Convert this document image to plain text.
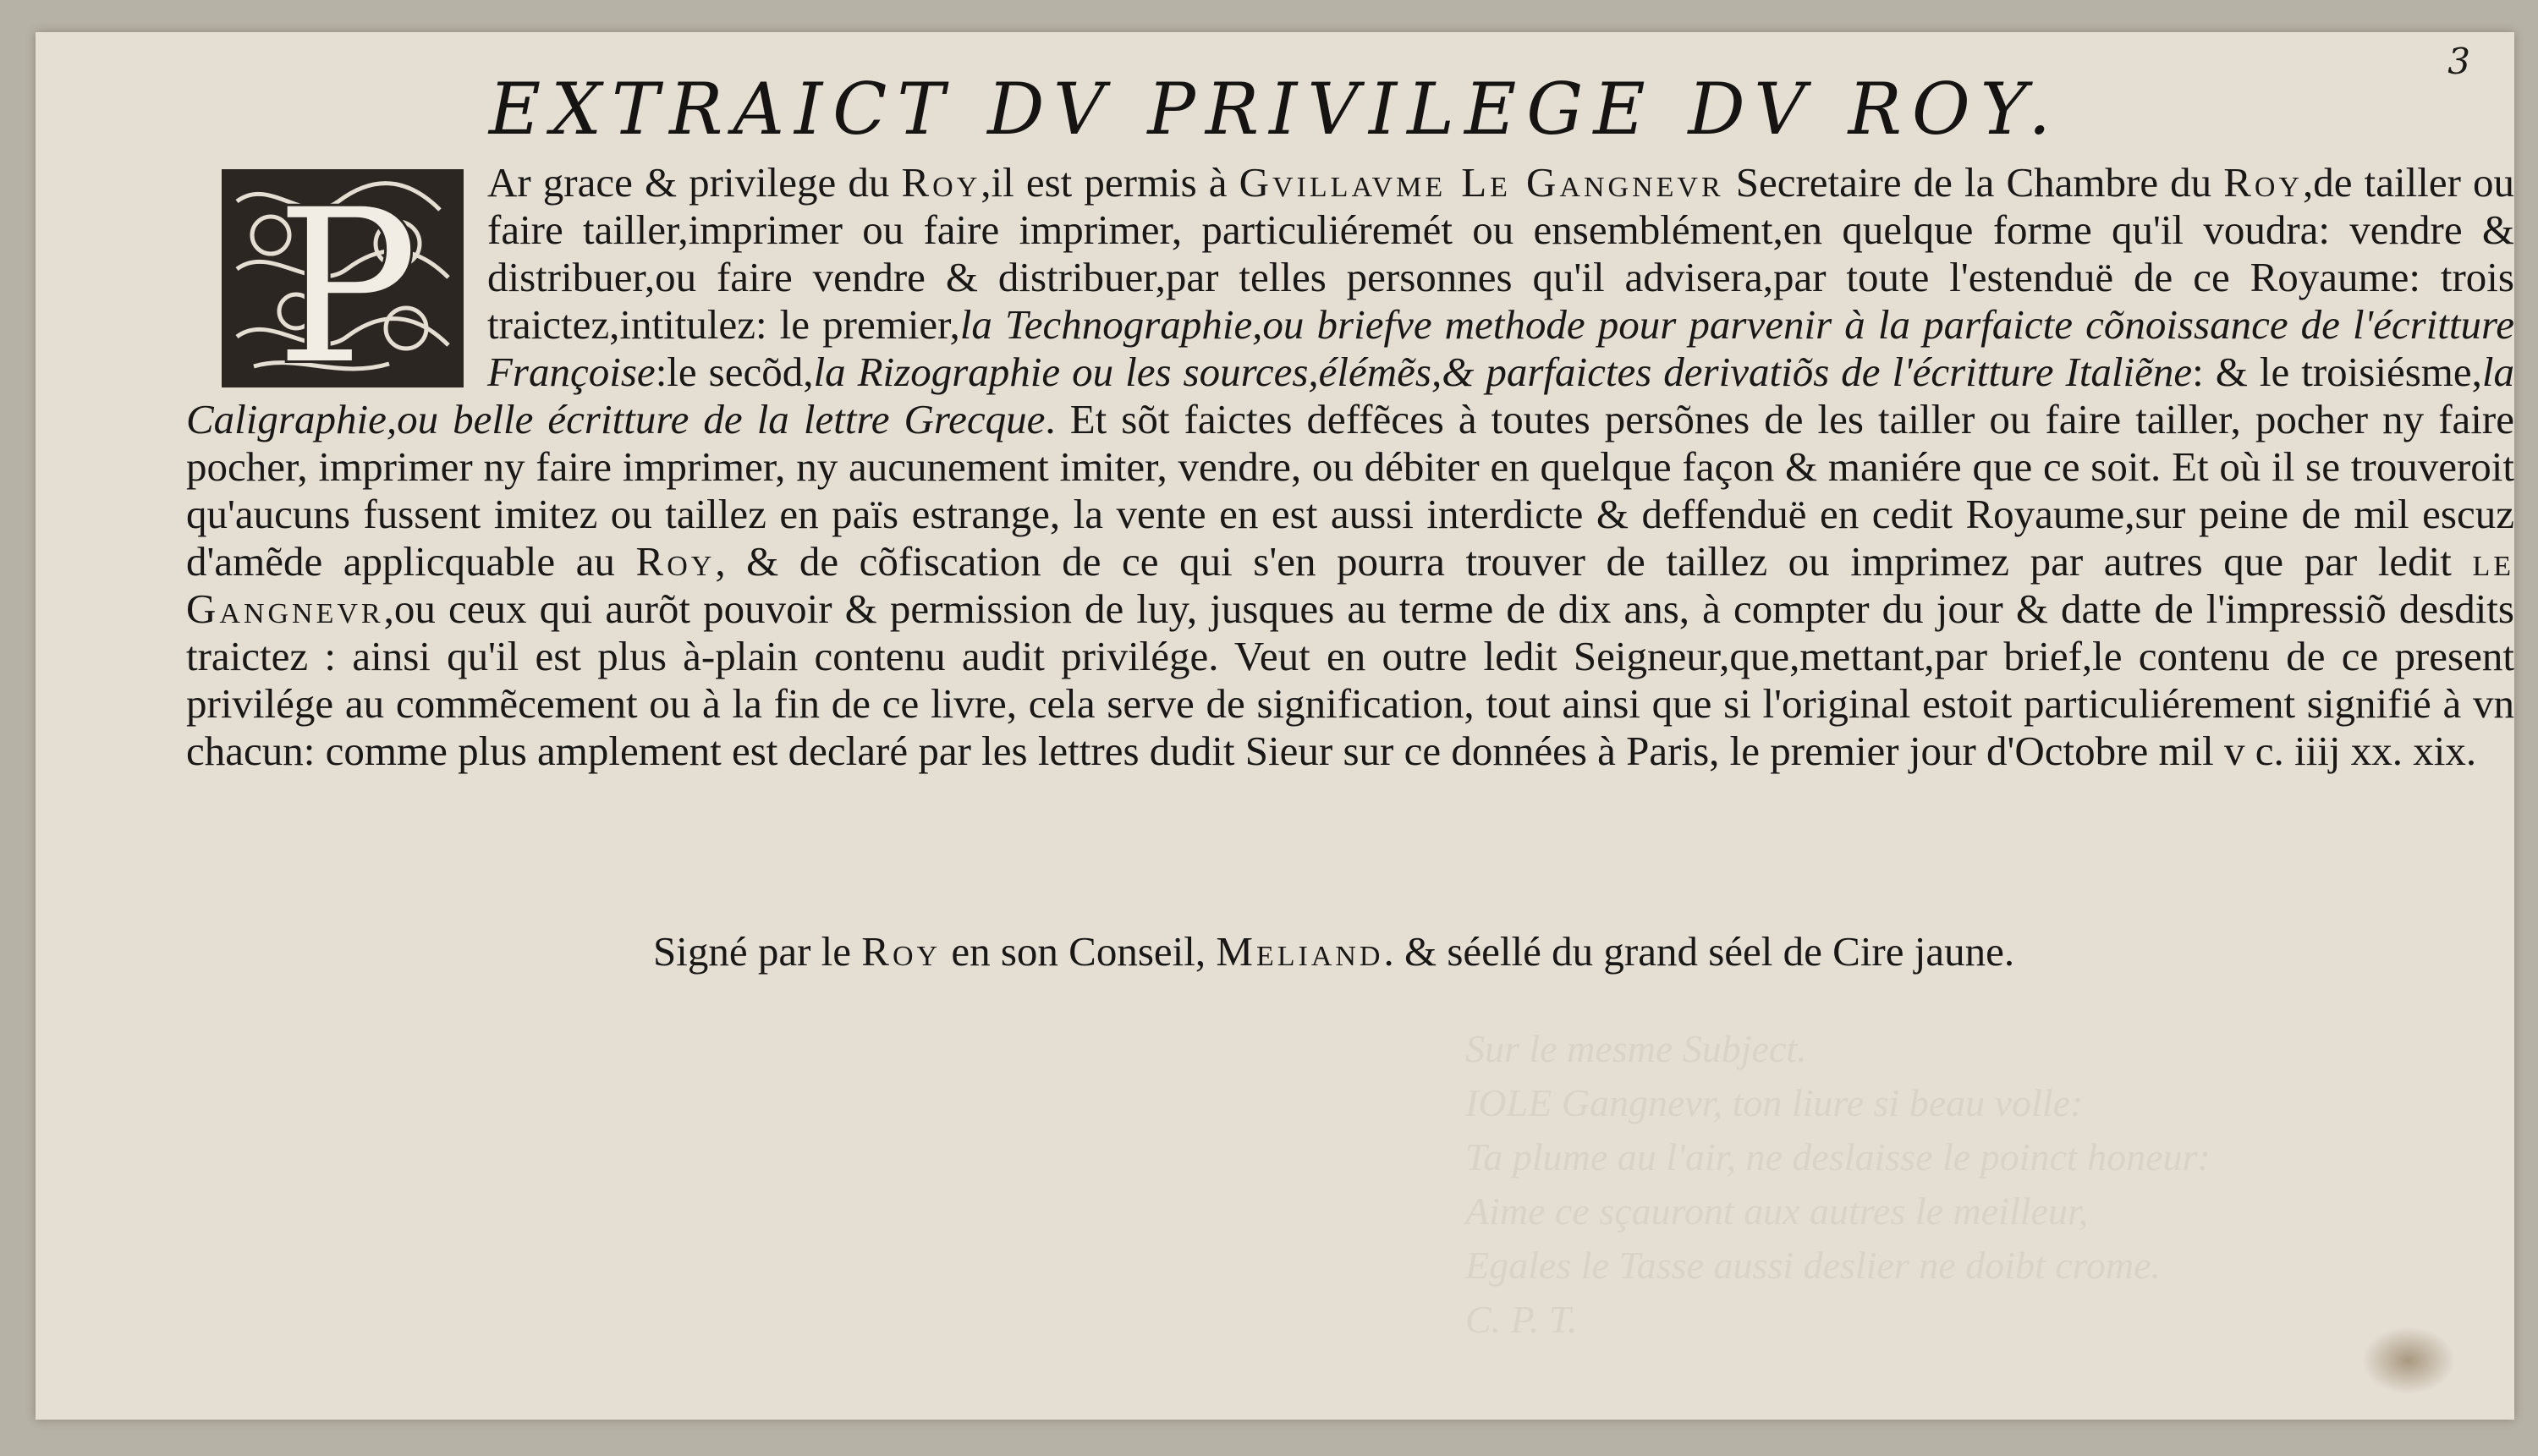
3
EXTRAICT DV PRIVILEGE DV ROY.
Sur le mesme Subject.
IOLE Gangnevr, ton liure si beau volle:
Ta plume au l'air, ne deslaisse le poinct honeur:
Aime ce sçauront aux autres le meilleur,
Egales le Tasse aussi deslier ne doibt crome.
C. P. T.

P Ar grace & privilege du Roy,il est permis à Gvillavme Le Gangnevr Secretaire de la Chambre du Roy,de tailler ou faire tailler,imprimer ou faire imprimer, particuliéremét ou ensemblément,en quelque forme qu'il voudra: vendre & distribuer,ou faire vendre & distribuer,par telles personnes qu'il advisera,par toute l'estenduë de ce Royaume: trois traictez,intitulez: le premier,la Technographie,ou briefve methode pour parvenir à la parfaicte cõnoissance de l'écritture Françoise:le secõd,la Rizographie ou les sources,élémẽs,& parfaictes derivatiõs de l'écritture Italiẽne: & le troisiésme,la Caligraphie,ou belle écritture de la lettre Grecque. Et sõt faictes deffẽces à toutes persõnes de les tailler ou faire tailler, pocher ny faire pocher, imprimer ny faire imprimer, ny aucunement imiter, vendre, ou débiter en quelque façon & maniére que ce soit. Et où il se trouveroit qu'aucuns fussent imitez ou taillez en païs estrange, la vente en est aussi interdicte & deffenduë en cedit Royaume,sur peine de mil escuz d'amẽde applicquable au Roy, & de cõfiscation de ce qui s'en pourra trouver de taillez ou imprimez par autres que par ledit le Gangnevr,ou ceux qui aurõt pouvoir & permission de luy, jusques au terme de dix ans, à compter du jour & datte de l'impressiõ desdits traictez : ainsi qu'il est plus à-plain contenu audit privilége. Veut en outre ledit Seigneur,que,mettant,par brief,le contenu de ce present privilége au commẽcement ou à la fin de ce livre, cela serve de signification, tout ainsi que si l'original estoit particuliérement signifié à vn chacun: comme plus amplement est declaré par les lettres dudit Sieur sur ce données à Paris, le premier jour d'Octobre mil v c. iiij xx. xix.

Signé par le Roy en son Conseil, Meliand. & séellé du grand séel de Cire jaune.
